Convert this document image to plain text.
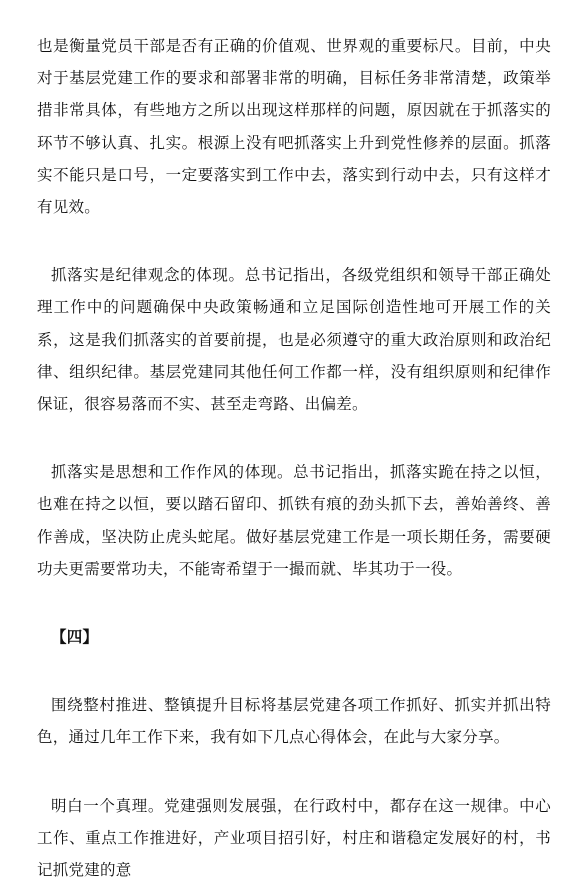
也是衡量党员干部是否有正确的价值观、世界观的重要标尺。目前，中央对于基层党建工作的要求和部署非常的明确，目标任务非常清楚，政策举措非常具体，有些地方之所以出现这样那样的问题，原因就在于抓落实的环节不够认真、扎实。根源上没有吧抓落实上升到党性修养的层面。抓落实不能只是口号，一定要落实到工作中去，落实到行动中去，只有这样才有见效。

抓落实是纪律观念的体现。总书记指出，各级党组织和领导干部正确处理工作中的问题确保中央政策畅通和立足国际创造性地可开展工作的关系，这是我们抓落实的首要前提，也是必须遵守的重大政治原则和政治纪律、组织纪律。基层党建同其他任何工作都一样，没有组织原则和纪律作保证，很容易落而不实、甚至走弯路、出偏差。

抓落实是思想和工作作风的体现。总书记指出，抓落实跪在持之以恒，也难在持之以恒，要以踏石留印、抓铁有痕的劲头抓下去，善始善终、善作善成，坚决防止虎头蛇尾。做好基层党建工作是一项长期任务，需要硬功夫更需要常功夫，不能寄希望于一撮而就、毕其功于一役。

【四】

围绕整村推进、整镇提升目标将基层党建各项工作抓好、抓实并抓出特色，通过几年工作下来，我有如下几点心得体会，在此与大家分享。

明白一个真理。党建强则发展强，在行政村中，都存在这一规律。中心工作、重点工作推进好，产业项目招引好，村庄和谐稳定发展好的村，书记抓党建的意
